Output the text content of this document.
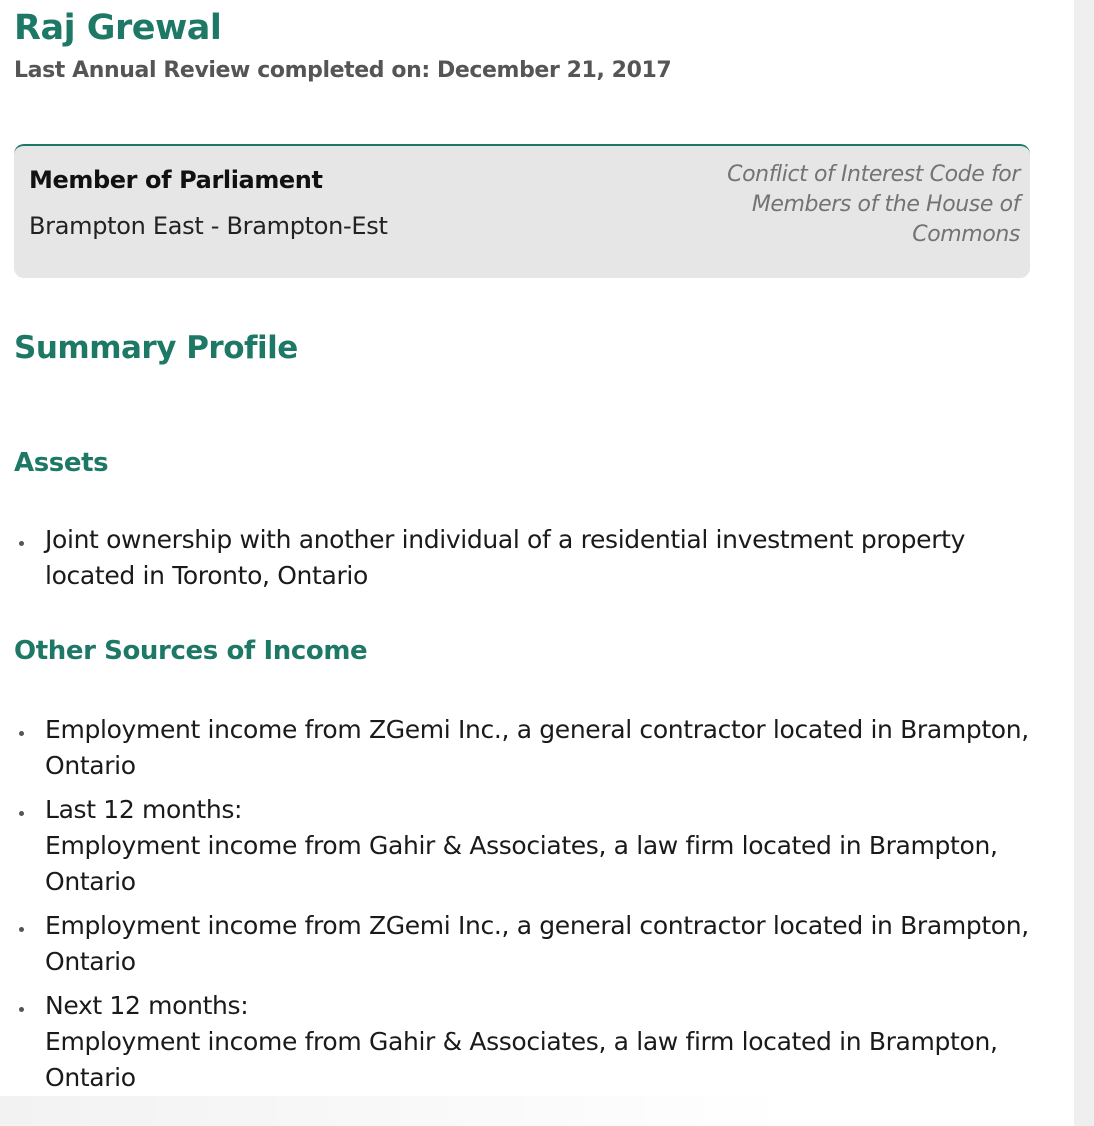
Raj Grewal

Last Annual Review completed on: December 21, 2017

Member of Parliament
Brampton East - Brampton-Est
Conflict of Interest Code for Members of the House of Commons
Summary Profile
Assets
Joint ownership with another individual of a residential investment property located in Toronto, Ontario
Other Sources of Income
Employment income from ZGemi Inc., a general contractor located in Brampton, Ontario
Last 12 months:
Employment income from Gahir & Associates, a law firm located in Brampton, Ontario
Employment income from ZGemi Inc., a general contractor located in Brampton, Ontario
Next 12 months:
Employment income from Gahir & Associates, a law firm located in Brampton, Ontario
